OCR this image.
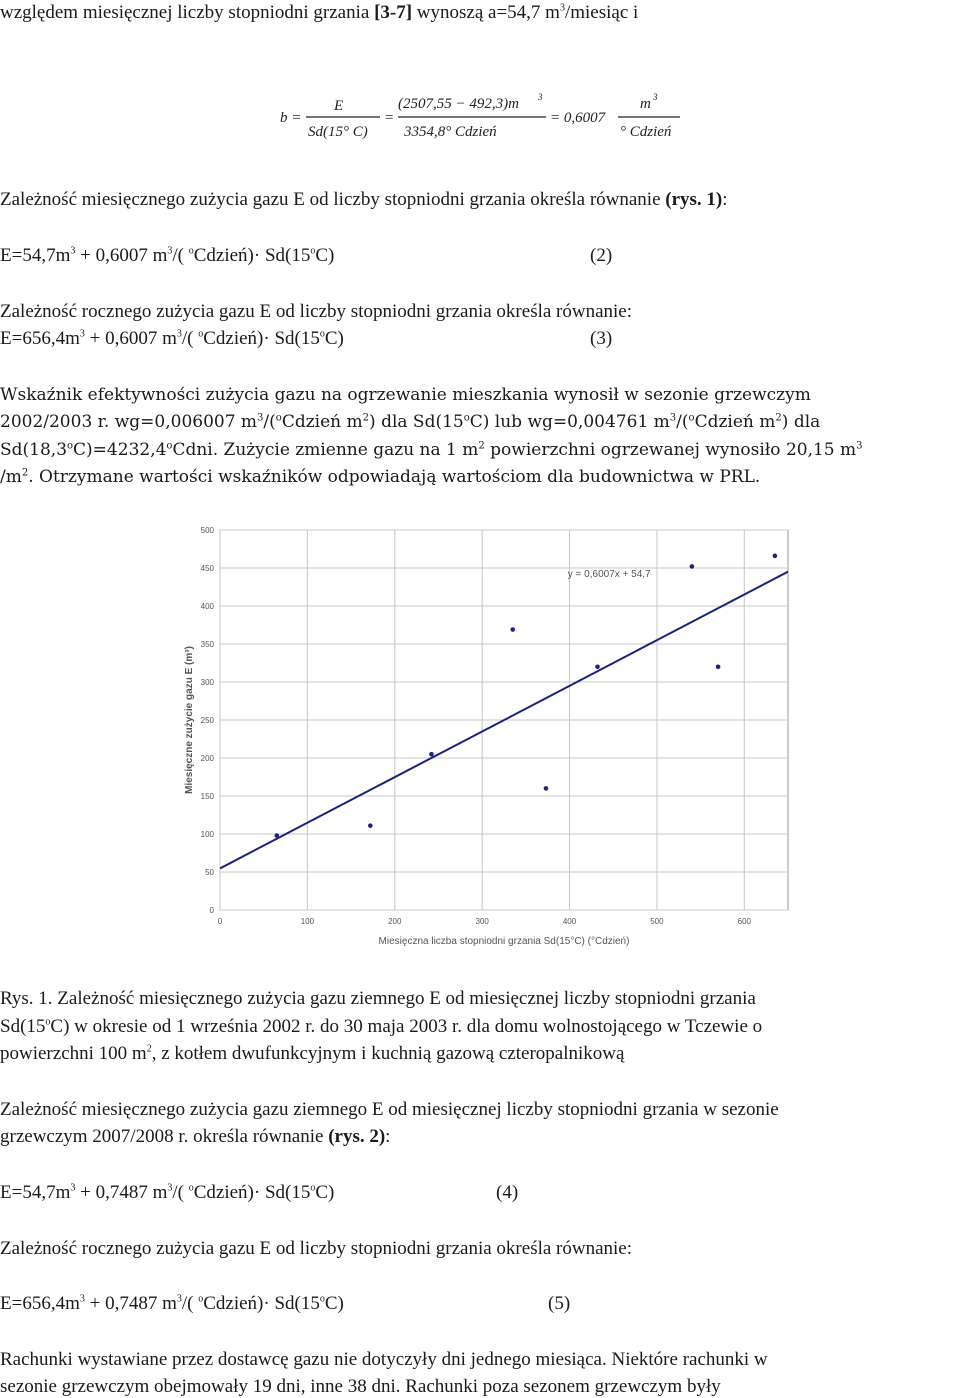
względem miesięcznej liczby stopniodni grzania [3-7] wynoszą a=54,7 $m^3$/miesiąc i
b =
E
Sd(15° C)
=
(2507,55 − 492,3)m 3
3354,8° Cdzień
= 0,6007
m 3
° Cdzień
Zależność miesięcznego zużycia gazu E od liczby stopniodni grzania określa równanie (rys. 1):
$E=54,7m^3 + 0,6007$ $m^3/$( $^o$Cdzień)· $Sd(15^oC)$	(2)
Zależność rocznego zużycia gazu E od liczby stopniodni grzania określa równanie:
$E=656,4m^3 + 0,6007$ $m^3/$( $^o$Cdzień)· $Sd(15^oC)$	(3)
Wskaźnik efektywności zużycia gazu na ogrzewanie mieszkania wynosił w sezonie grzewczym
2002/2003 r. wg=0,006007 $m^3/(^oCdzień$ $m^2$) dla Sd(15$^o$C) lub wg=0,004761 $m^3/(^oCdzień$ $m^2$) dla
$Sd(18,3^oC)=4232,4^oCdni$. Zużycie zmienne gazu na 1 $m^2$ powierzchni ogrzewanej wynosiło 20,15 $m^3$
$/m^2$. Otrzymane wartości wskaźników odpowiadają wartościom dla budownictwa w PRL.
0
50
100
150
200
250
300
350
400
450
500
0	100	200	300	400	500	600
y = 0,6007x + 54,7
Miesięczna liczba stopniodni grzania Sd(15°C) (°Cdzień)
Miesięczne zużycie gazu E (m³)
Rys. 1. Zależność miesięcznego zużycia gazu ziemnego E od miesięcznej liczby stopniodni grzania
Sd(15$^o$C) w okresie od 1 września 2002 r. do 30 maja 2003 r. dla domu wolnostojącego w Tczewie o
powierzchni 100 $m^2$, z kotłem dwufunkcyjnym i kuchnią gazową czteropalnikową
Zależność miesięcznego zużycia gazu ziemnego E od miesięcznej liczby stopniodni grzania w sezonie
grzewczym 2007/2008 r. określa równanie (rys. 2):
$E=54,7m^3 + 0,7487$ $m^3/$( $^o$Cdzień)· $Sd(15^oC)$	(4)
Zależność rocznego zużycia gazu E od liczby stopniodni grzania określa równanie:
$E=656,4m^3 + 0,7487$ $m^3/$( $^o$Cdzień)· $Sd(15^oC)$	(5)
Rachunki wystawiane przez dostawcę gazu nie dotyczyły dni jednego miesiąca. Niektóre rachunki w
sezonie grzewczym obejmowały 19 dni, inne 38 dni. Rachunki poza sezonem grzewczym były
